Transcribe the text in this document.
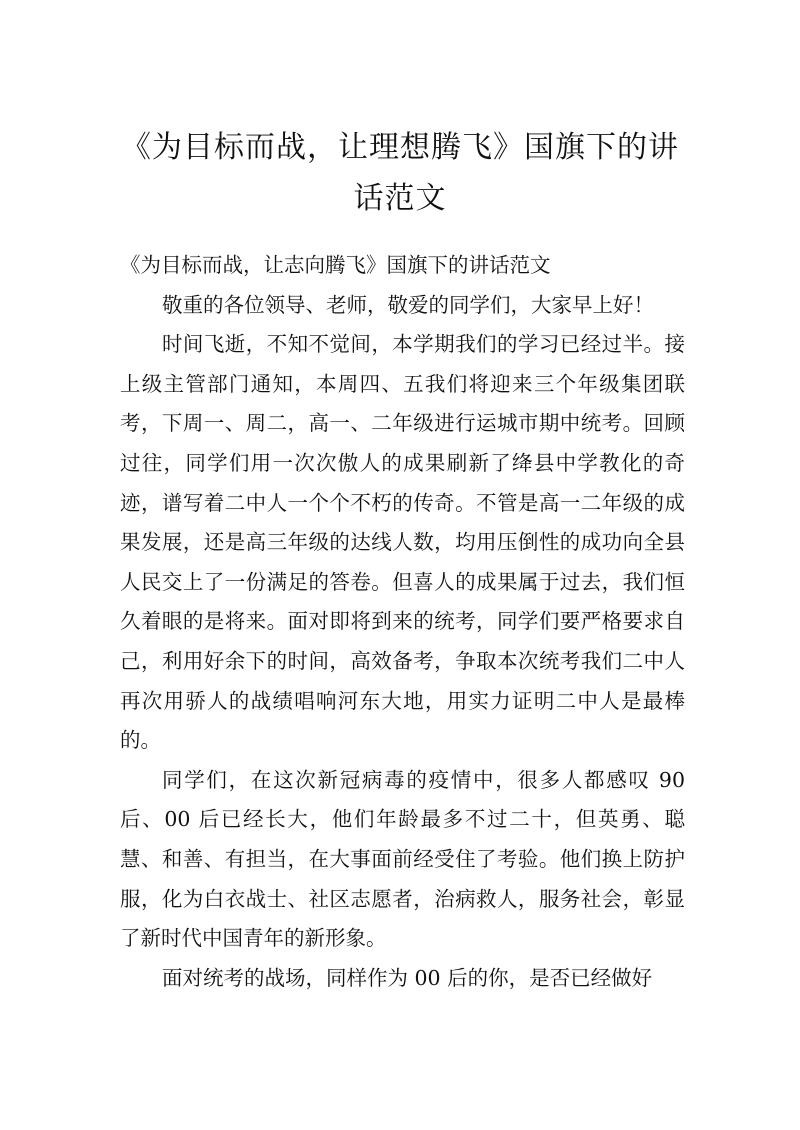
《为目标而战，让理想腾飞》国旗下的讲话范文

《为目标而战，让志向腾飞》国旗下的讲话范文

敬重的各位领导、老师，敬爱的同学们，大家早上好！

时间飞逝，不知不觉间，本学期我们的学习已经过半。接上级主管部门通知，本周四、五我们将迎来三个年级集团联考，下周一、周二，高一、二年级进行运城市期中统考。回顾过往，同学们用一次次傲人的成果刷新了绛县中学教化的奇迹，谱写着二中人一个个不朽的传奇。不管是高一二年级的成果发展，还是高三年级的达线人数，均用压倒性的成功向全县人民交上了一份满足的答卷。但喜人的成果属于过去，我们恒久着眼的是将来。面对即将到来的统考，同学们要严格要求自己，利用好余下的时间，高效备考，争取本次统考我们二中人再次用骄人的战绩唱响河东大地，用实力证明二中人是最棒的。

同学们，在这次新冠病毒的疫情中，很多人都感叹 90 后、00 后已经长大，他们年龄最多不过二十，但英勇、聪慧、和善、有担当，在大事面前经受住了考验。他们换上防护服，化为白衣战士、社区志愿者，治病救人，服务社会，彰显了新时代中国青年的新形象。

面对统考的战场，同样作为 00 后的你，是否已经做好
